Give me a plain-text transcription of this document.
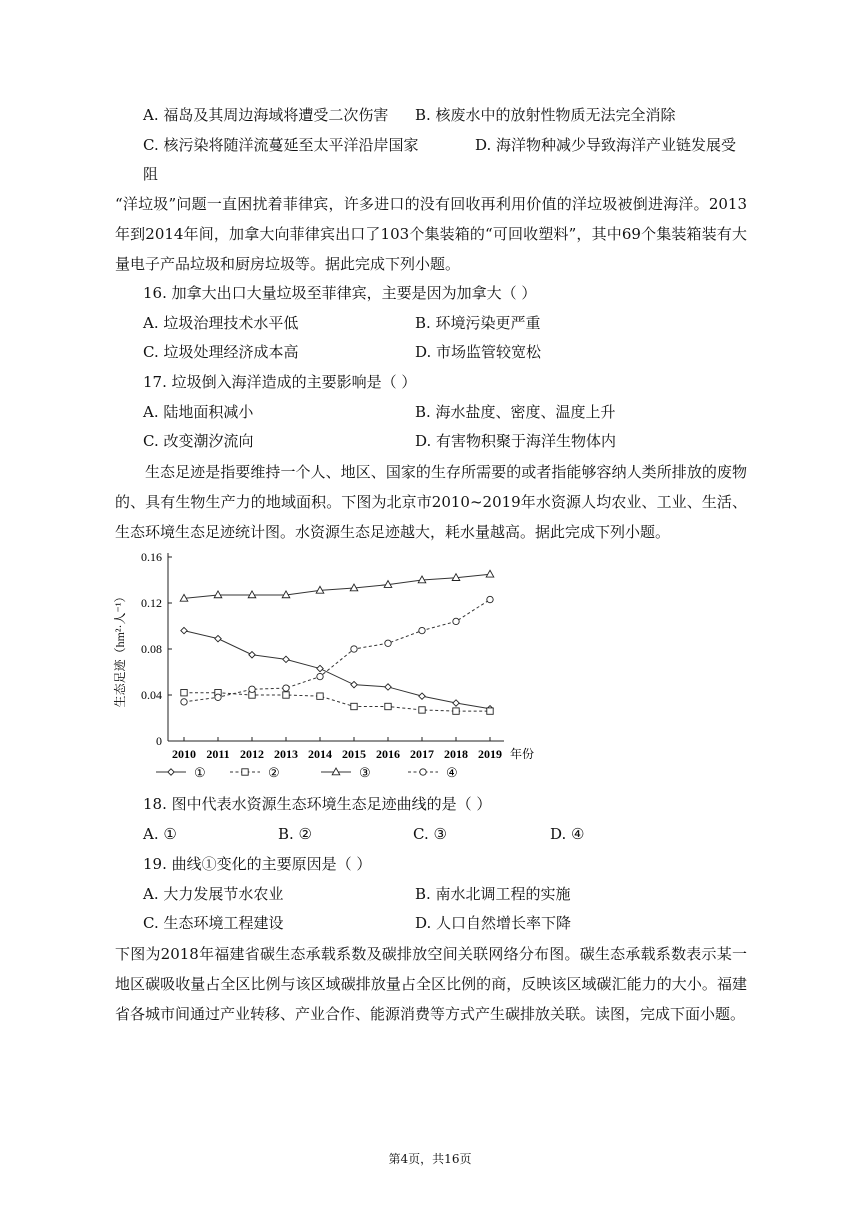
A. 福岛及其周边海域将遭受二次伤害 B. 核废水中的放射性物质无法完全消除
C. 核污染将随洋流蔓延至太平洋沿岸国家	D. 海洋物种减少导致海洋产业链发展受
阻
“洋垃圾”问题一直困扰着菲律宾，许多进口的没有回收再利用价值的洋垃圾被倒进海洋。2013年到2014年间，加拿大向菲律宾出口了103个集装箱的“可回收塑料”，其中69个集装箱装有大量电子产品垃圾和厨房垃圾等。据此完成下列小题。
16. 加拿大出口大量垃圾至菲律宾，主要是因为加拿大（ ）
A. 垃圾治理技术水平低	B. 环境污染更严重
C. 垃圾处理经济成本高	D. 市场监管较宽松
17. 垃圾倒入海洋造成的主要影响是（ ）
A. 陆地面积减小	B. 海水盐度、密度、温度上升
C. 改变潮汐流向	D. 有害物积聚于海洋生物体内
生态足迹是指要维持一个人、地区、国家的生存所需要的或者指能够容纳人类所排放的废物的、具有生物生产力的地域面积。下图为北京市2010~2019年水资源人均农业、工业、生活、生态环境生态足迹统计图。水资源生态足迹越大，耗水量越高。据此完成下列小题。
0
0.04
0.08
0.12
0.16
2010 2011 2012 2013 2014 2015 2016 2017 2018 2019 年份
生态足迹（hm²·人⁻¹）
①	②	③	④
18. 图中代表水资源生态环境生态足迹曲线的是（ ）
A. ①	B. ②	C. ③	D. ④
19. 曲线①变化的主要原因是（ ）
A. 大力发展节水农业	B. 南水北调工程的实施
C. 生态环境工程建设	D. 人口自然增长率下降
下图为2018年福建省碳生态承载系数及碳排放空间关联网络分布图。碳生态承载系数表示某一地区碳吸收量占全区比例与该区域碳排放量占全区比例的商，反映该区域碳汇能力的大小。福建省各城市间通过产业转移、产业合作、能源消费等方式产生碳排放关联。读图，完成下面小题。
第4页，共16页
